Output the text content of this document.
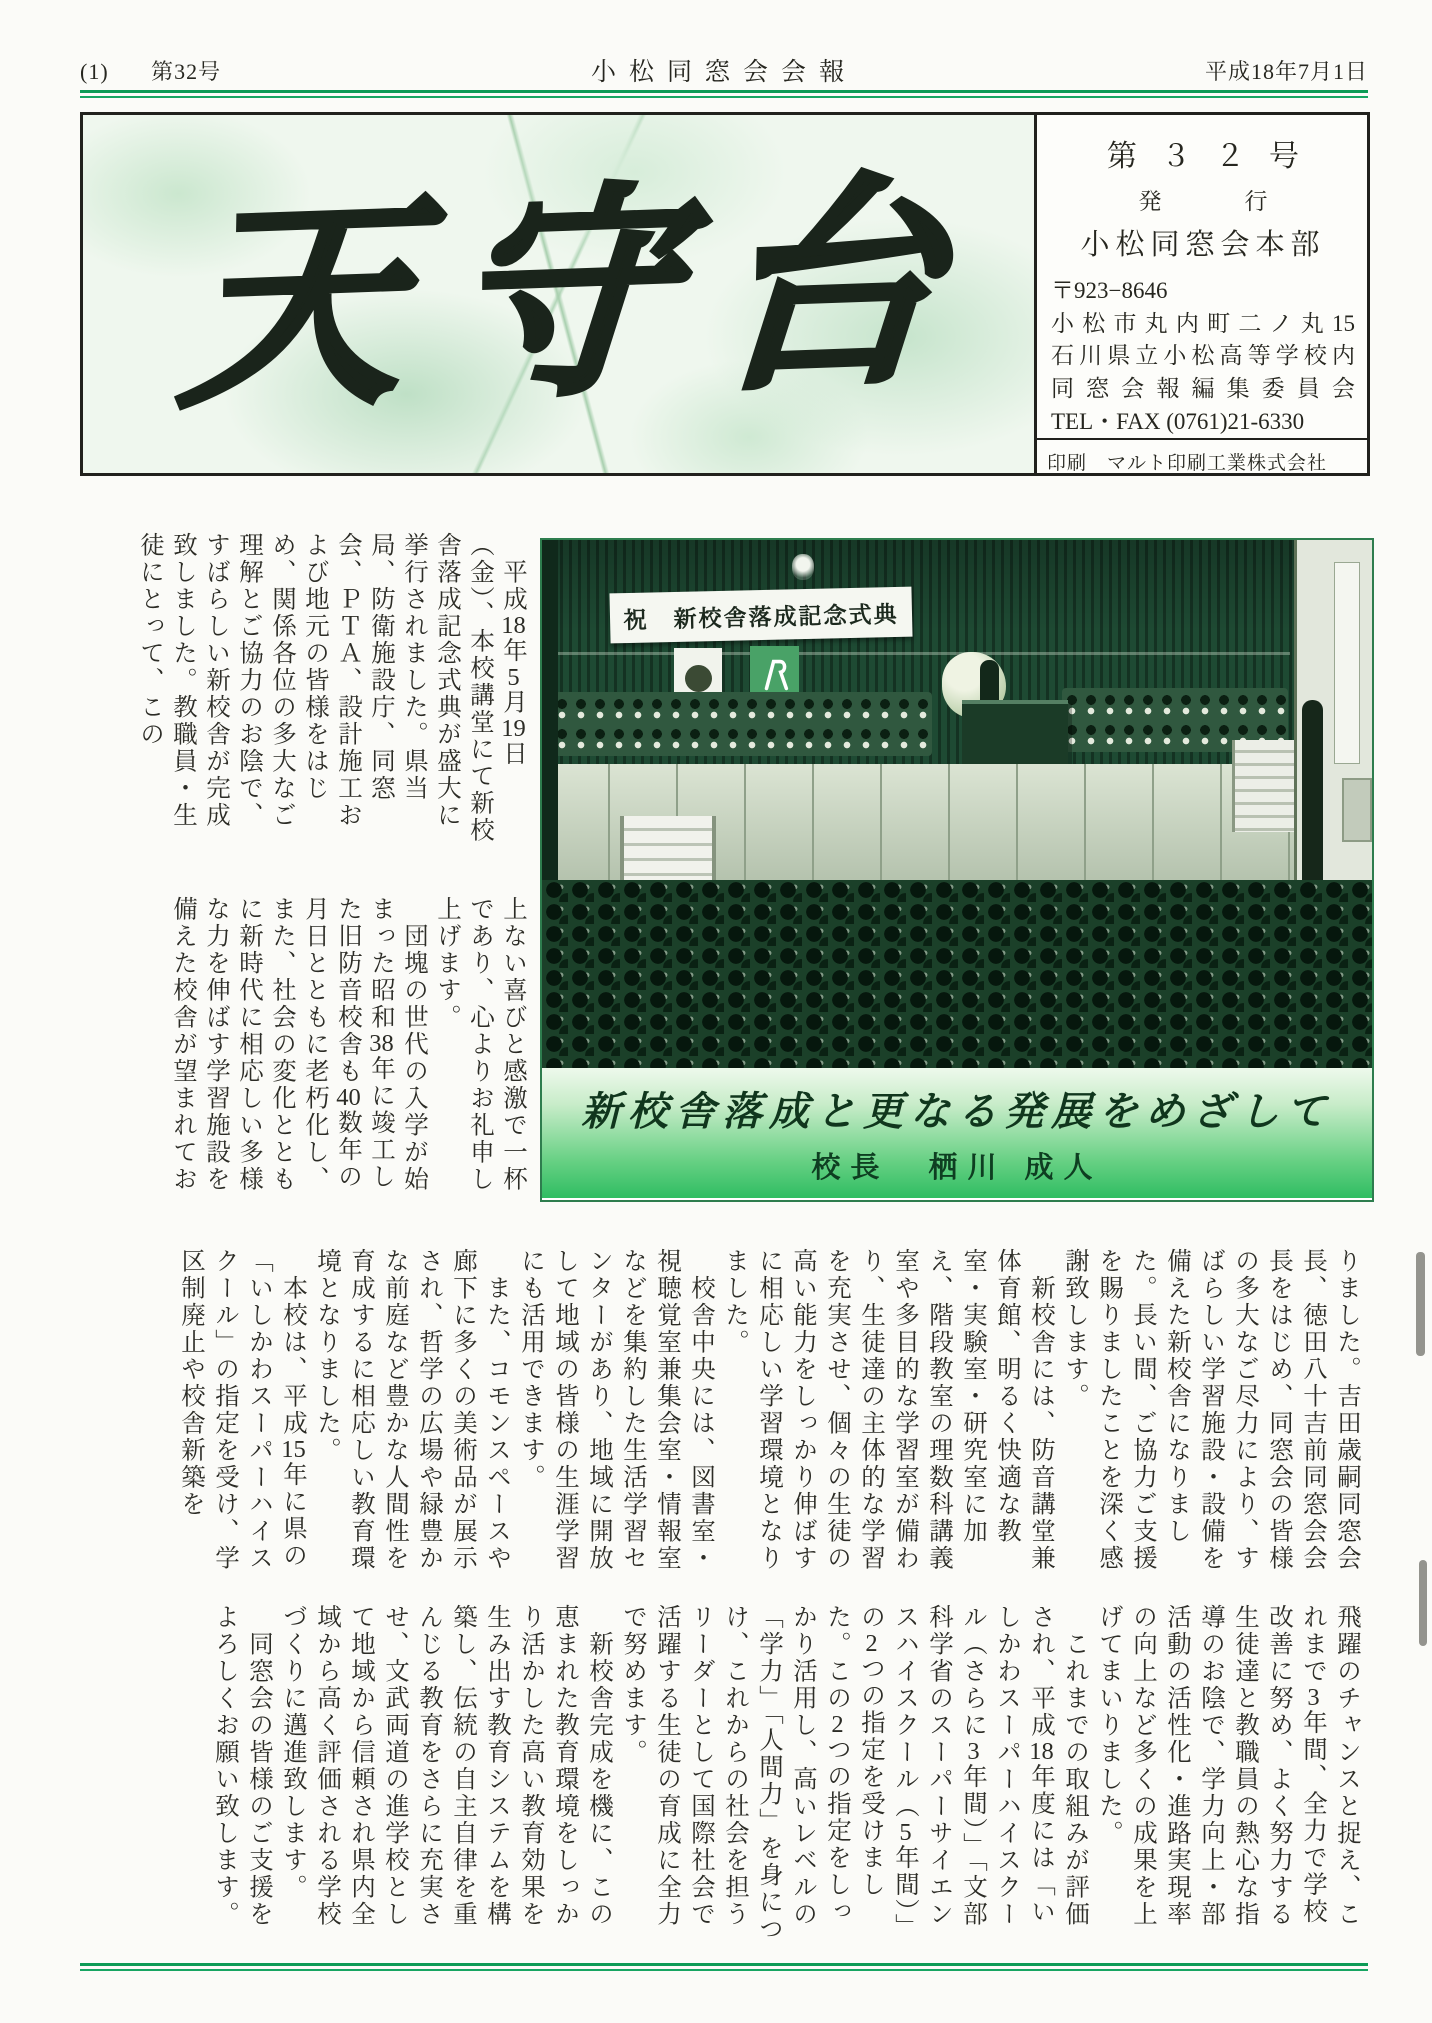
(1) 第32号	小松同窓会会報	平成18年7月1日
天守台
第３２号
発　行
小松同窓会本部
〒923−8646
小松市丸内町二ノ丸15
石川県立小松高等学校内
同窓会報編集委員会
TEL・FAX (0761)21-6330
印刷　マルト印刷工業株式会社
　平成18年5月19日（金）、本校講堂にて新校舎落成記念式典が盛大に挙行されました。県当局、防衛施設庁、同窓会、ＰＴＡ、設計施工および地元の皆様をはじめ、関係各位の多大なご理解とご協力のお陰で、すばらしい新校舎が完成致しました。教職員・生徒にとって、この
上ない喜びと感激で一杯であり、心よりお礼申し上げます。
　団塊の世代の入学が始まった昭和38年に竣工した旧防音校舎も40数年の月日とともに老朽化し、また、社会の変化とともに新時代に相応しい多様な力を伸ばす学習施設を備えた校舎が望まれてお
祝　新校舎落成記念式典
新校舎落成と更なる発展をめざして
校長　栖川 成人
りました。吉田歳嗣同窓会長、徳田八十吉前同窓会会長をはじめ、同窓会の皆様の多大なご尽力により、すばらしい学習施設・設備を備えた新校舎になりました。長い間、ご協力ご支援を賜りましたことを深く感謝致します。
　新校舎には、防音講堂兼体育館、明るく快適な教室・実験室・研究室に加え、階段教室の理数科講義室や多目的な学習室が備わり、生徒達の主体的な学習を充実させ、個々の生徒の高い能力をしっかり伸ばすに相応しい学習環境となりました。
　校舎中央には、図書室・視聴覚室兼集会室・情報室などを集約した生活学習センターがあり、地域に開放して地域の皆様の生涯学習にも活用できます。
　また、コモンスペースや廊下に多くの美術品が展示され、哲学の広場や緑豊かな前庭など豊かな人間性を育成するに相応しい教育環境となりました。
　本校は、平成15年に県の「いしかわスーパーハイスクール」の指定を受け、学区制廃止や校舎新築を
飛躍のチャンスと捉え、これまで3年間、全力で学校改善に努め、よく努力する生徒達と教職員の熱心な指導のお陰で、学力向上・部活動の活性化・進路実現率の向上など多くの成果を上げてまいりました。
　これまでの取組みが評価され、平成18年度には「いしかわスーパーハイスクール（さらに3年間）」「文部科学省のスーパーサイエンスハイスクール（5年間）」の2つの指定を受けました。この2つの指定をしっかり活用し、高いレベルの「学力」「人間力」を身につけ、これからの社会を担うリーダーとして国際社会で活躍する生徒の育成に全力で努めます。
　新校舎完成を機に、この恵まれた教育環境をしっかり活かした高い教育効果を生み出す教育システムを構築し、伝統の自主自律を重んじる教育をさらに充実させ、文武両道の進学校として地域から信頼され県内全域から高く評価される学校づくりに邁進致します。
　同窓会の皆様のご支援をよろしくお願い致します。
